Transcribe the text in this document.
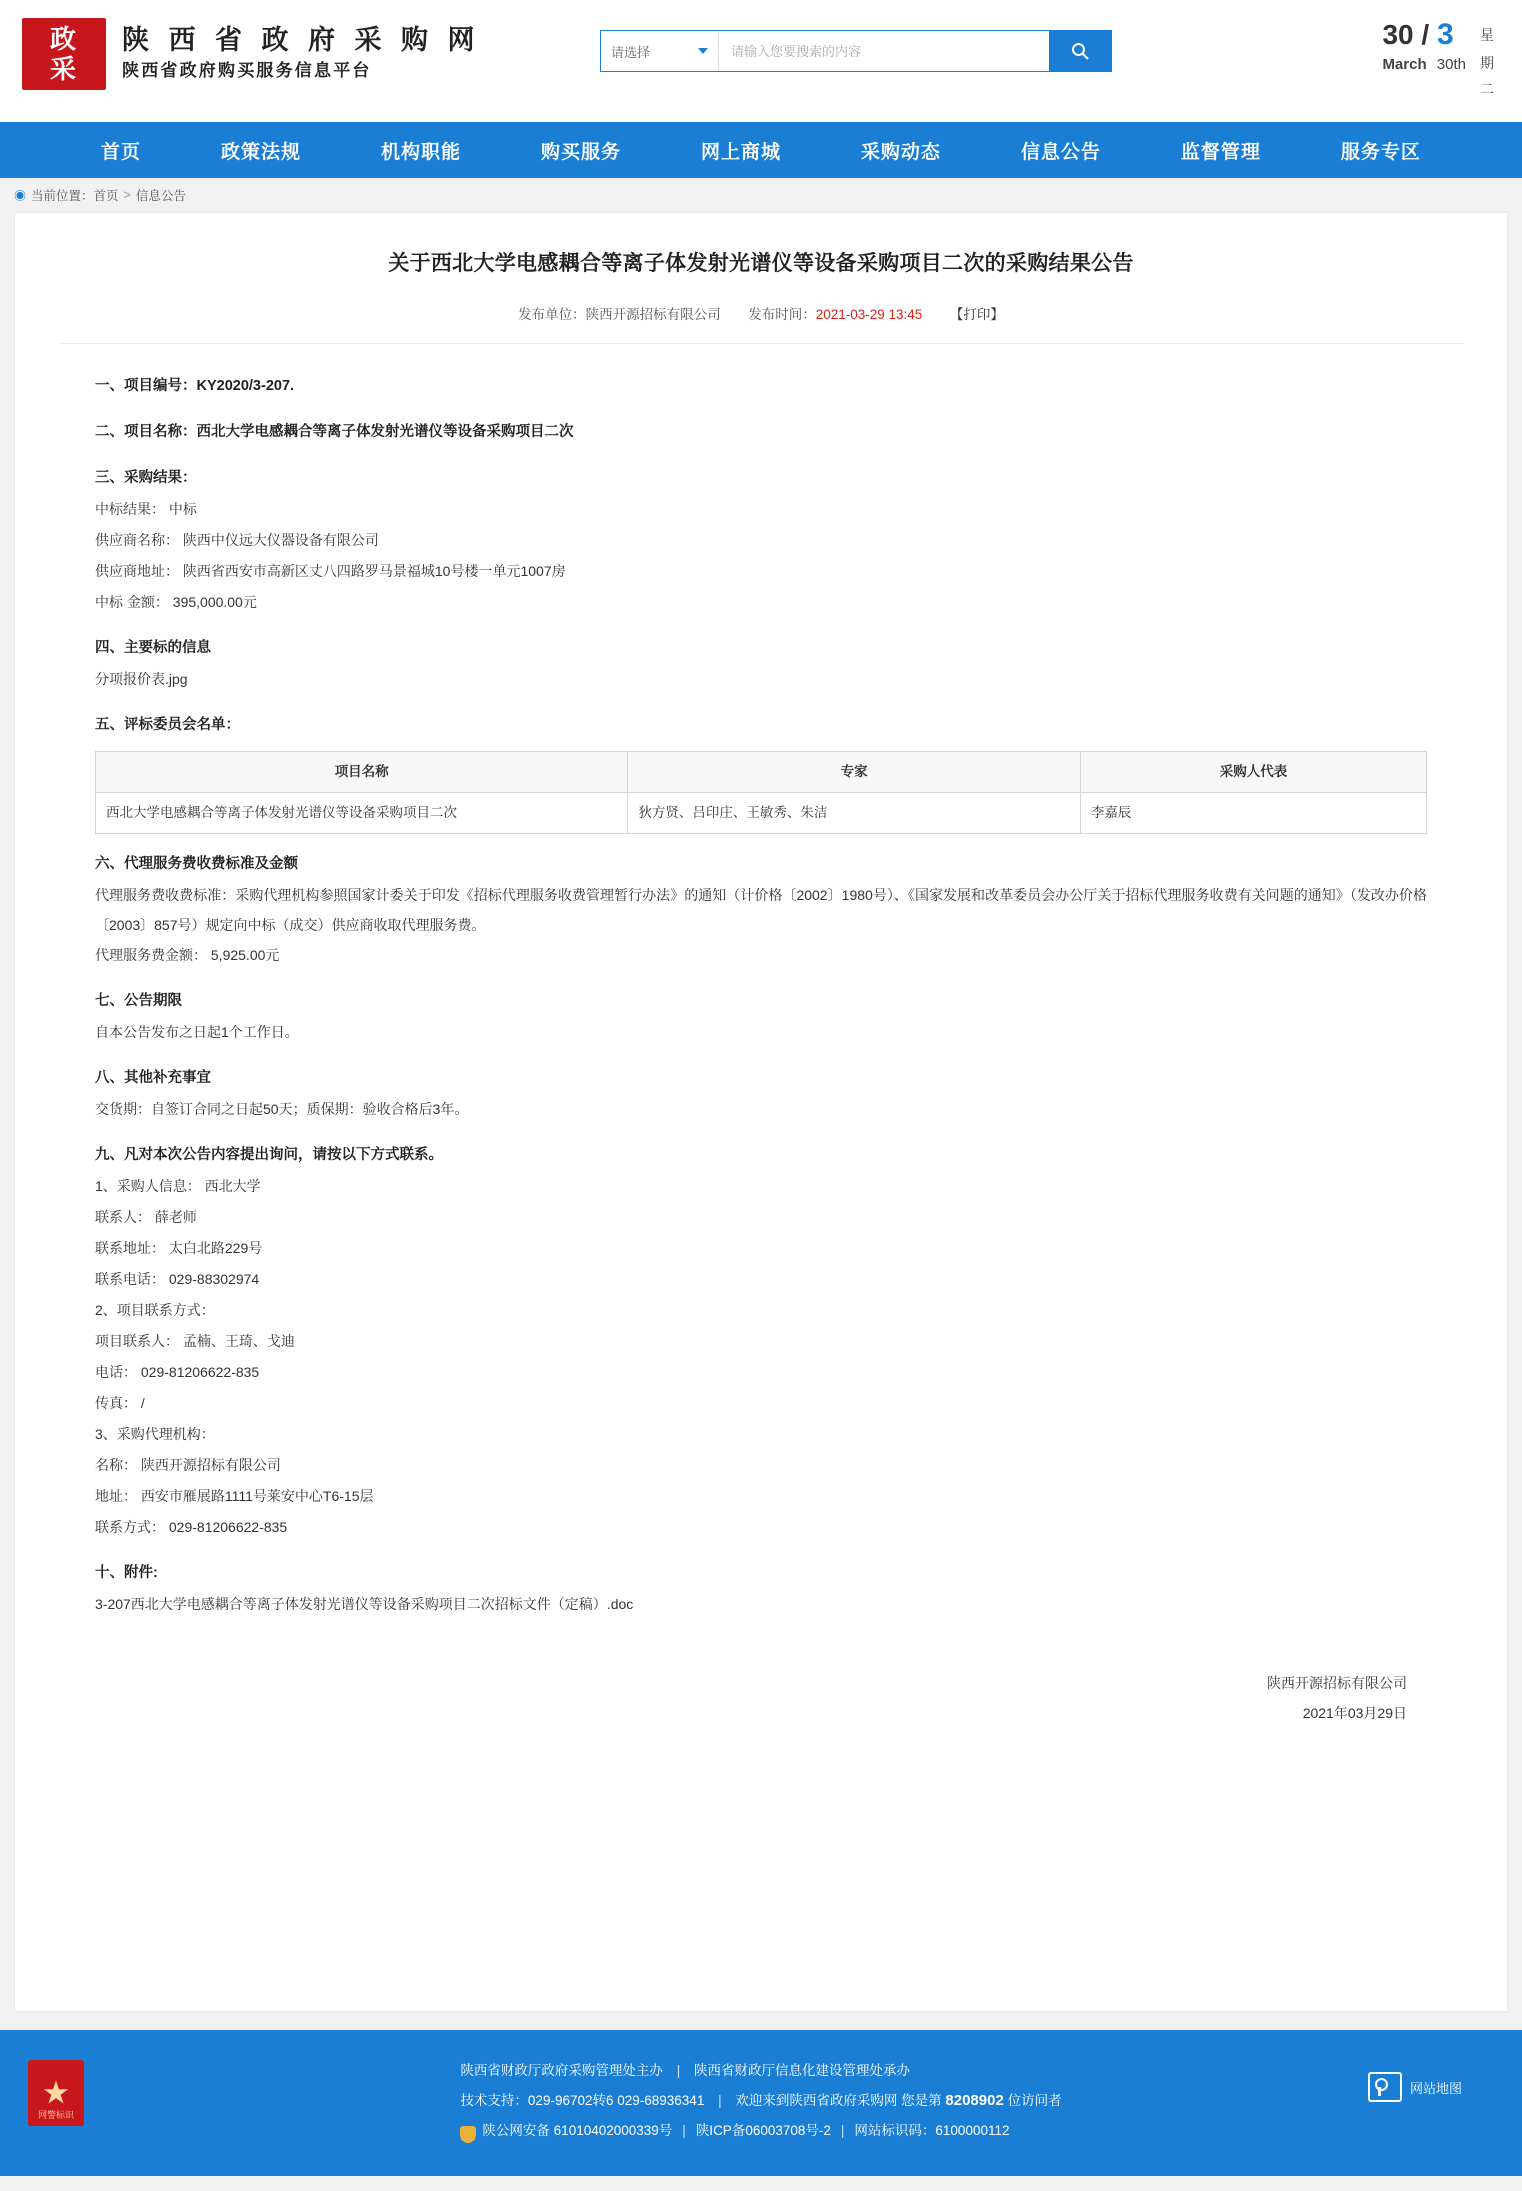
政
采
陕 西 省 政 府 采 购 网
陕西省政府购买服务信息平台
请选择
请输入您要搜索的内容
30 / 3
March 30th
星
期
二
首页	政策法规	机构职能	购买服务	网上商城	采购动态	信息公告	监督管理	服务专区
◉ 当前位置： 首页 > 信息公告
关于西北大学电感耦合等离子体发射光谱仪等设备采购项目二次的采购结果公告
发布单位：陕西开源招标有限公司 发布时间：2021-03-29 13:45 【打印】
一、项目编号：KY2020/3-207.
二、项目名称：西北大学电感耦合等离子体发射光谱仪等设备采购项目二次
三、采购结果：
中标结果： 中标
供应商名称： 陕西中仪远大仪器设备有限公司
供应商地址： 陕西省西安市高新区丈八四路罗马景福城10号楼一单元1007房
中标 金额： 395,000.00元
四、主要标的信息
分项报价表.jpg
五、评标委员会名单：
项目名称	专家	采购人代表
西北大学电感耦合等离子体发射光谱仪等设备采购项目二次	狄方贤、吕印庄、王敏秀、朱洁	李嘉辰
六、代理服务费收费标准及金额
代理服务费收费标准：采购代理机构参照国家计委关于印发《招标代理服务收费管理暂行办法》的通知（计价格〔2002〕1980号）、《国家发展和改革委员会办公厅关于招标代理服务收费有关问题的通知》（发改办价格〔2003〕857号）规定向中标（成交）供应商收取代理服务费。
代理服务费金额： 5,925.00元
七、公告期限
自本公告发布之日起1个工作日。
八、其他补充事宜
交货期：自签订合同之日起50天；质保期：验收合格后3年。
九、凡对本次公告内容提出询问，请按以下方式联系。
1、采购人信息： 西北大学
联系人： 薛老师
联系地址： 太白北路229号
联系电话： 029-88302974
2、项目联系方式：
项目联系人： 孟楠、王琦、戈迪
电话： 029-81206622-835
传真： /
3、采购代理机构：
名称： 陕西开源招标有限公司
地址： 西安市雁展路1111号莱安中心T6-15层
联系方式： 029-81206622-835
十、附件:
3-207西北大学电感耦合等离子体发射光谱仪等设备采购项目二次招标文件（定稿）.doc
陕西开源招标有限公司
2021年03月29日
★
网警标识
陕西省财政厅政府采购管理处主办 | 陕西省财政厅信息化建设管理处承办
技术支持：029-96702转6 029-68936341 | 欢迎来到陕西省政府采购网 您是第 8208902 位访问者
陕公网安备 61010402000339号 | 陕ICP备06003708号-2 | 网站标识码：6100000112
网站地图
